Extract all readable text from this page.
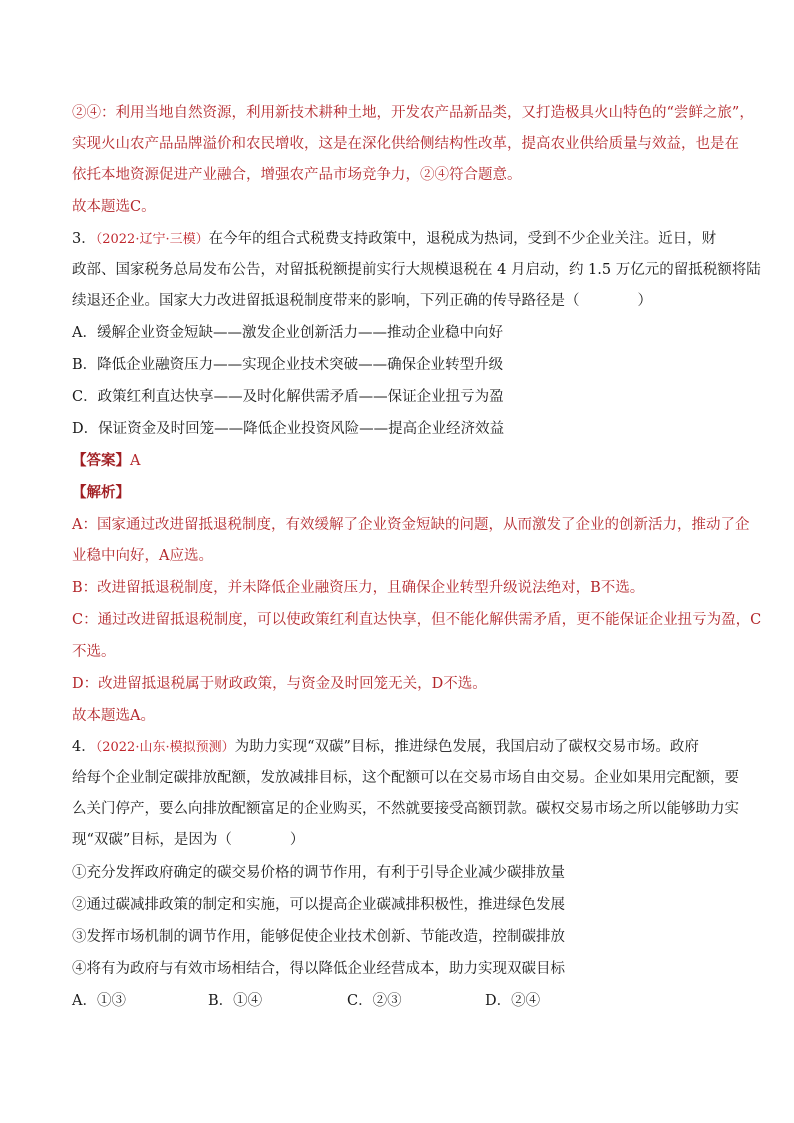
②④：利用当地自然资源，利用新技术耕种土地，开发农产品新品类，又打造极具火山特色的“尝鲜之旅”，
实现火山农产品品牌溢价和农民增收，这是在深化供给侧结构性改革，提高农业供给质量与效益，也是在
依托本地资源促进产业融合，增强农产品市场竞争力，②④符合题意。
故本题选C。
3．（2022·辽宁·三模）在今年的组合式税费支持政策中，退税成为热词，受到不少企业关注。近日，财
政部、国家税务总局发布公告，对留抵税额提前实行大规模退税在 4 月启动，约 1.5 万亿元的留抵税额将陆
续退还企业。国家大力改进留抵退税制度带来的影响，下列正确的传导路径是（　　　　）
A．缓解企业资金短缺——激发企业创新活力——推动企业稳中向好
B．降低企业融资压力——实现企业技术突破——确保企业转型升级
C．政策红利直达快享——及时化解供需矛盾——保证企业扭亏为盈
D．保证资金及时回笼——降低企业投资风险——提高企业经济效益
【答案】A
【解析】
A：国家通过改进留抵退税制度，有效缓解了企业资金短缺的问题，从而激发了企业的创新活力，推动了企
业稳中向好，A应选。
B：改进留抵退税制度，并未降低企业融资压力，且确保企业转型升级说法绝对，B不选。
C：通过改进留抵退税制度，可以使政策红利直达快享，但不能化解供需矛盾，更不能保证企业扭亏为盈，C
不选。
D：改进留抵退税属于财政政策，与资金及时回笼无关，D不选。
故本题选A。
4．（2022·山东·模拟预测）为助力实现“双碳”目标，推进绿色发展，我国启动了碳权交易市场。政府
给每个企业制定碳排放配额，发放减排目标，这个配额可以在交易市场自由交易。企业如果用完配额，要
么关门停产，要么向排放配额富足的企业购买，不然就要接受高额罚款。碳权交易市场之所以能够助力实
现“双碳”目标，是因为（　　　　）
①充分发挥政府确定的碳交易价格的调节作用，有利于引导企业减少碳排放量
②通过碳减排政策的制定和实施，可以提高企业碳减排积极性，推进绿色发展
③发挥市场机制的调节作用，能够促使企业技术创新、节能改造，控制碳排放
④将有为政府与有效市场相结合，得以降低企业经营成本，助力实现双碳目标
A．①③	B．①④	C．②③	D．②④
